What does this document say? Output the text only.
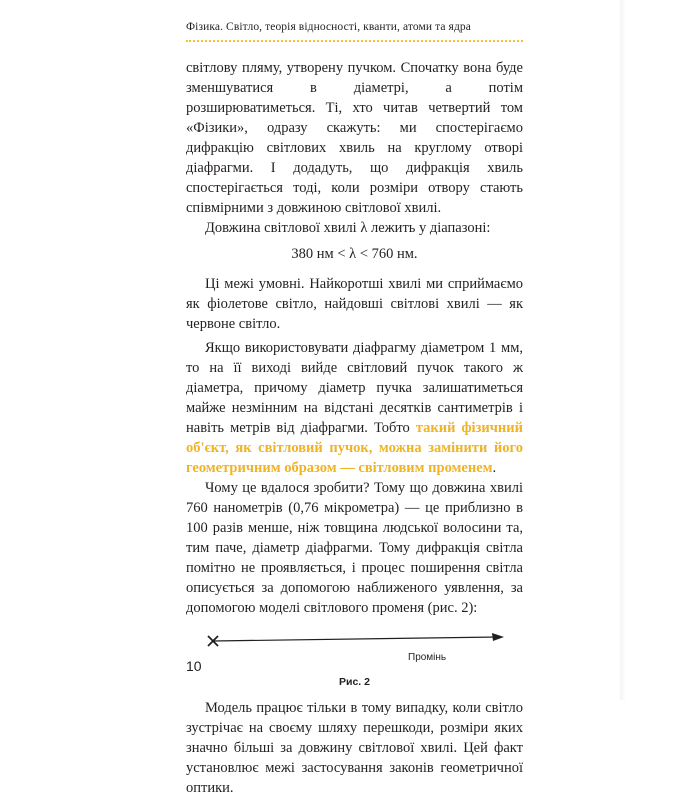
Фізика. Світло, теорія відносності, кванти, атоми та ядра

світлову пляму, утворену пучком. Спочатку вона буде зменшуватися в діаметрі, а потім розширюватиметься. Ті, хто читав четвертий том «Фізики», одразу скажуть: ми спостерігаємо дифракцію світлових хвиль на круглому отворі діафрагми. І додадуть, що дифракція хвиль спостерігається тоді, коли розміри отвору стають співмірними з довжиною світлової хвилі.

Довжина світлової хвилі λ лежить у діапазоні:

380 нм < λ < 760 нм.

Ці межі умовні. Найкоротші хвилі ми сприймаємо як фіолетове світло, найдовші світлові хвилі — як червоне світло.

Якщо використовувати діафрагму діаметром 1 мм, то на її виході вийде світловий пучок такого ж діаметра, причому діаметр пучка залишатиметься майже незмінним на відстані десятків сантиметрів і навіть метрів від діафрагми. Тобто такий фізичний об'єкт, як світловий пучок, можна замінити його геометричним образом — світловим променем.

Чому це вдалося зробити? Тому що довжина хвилі 760 нанометрів (0,76 мікрометра) — це приблизно в 100 разів менше, ніж товщина людської волосини та, тим паче, діаметр діафрагми. Тому дифракція світла помітно не проявляється, і процес поширення світла описується за допомогою наближеного уявлення, за допомогою моделі світлового променя (рис. 2):

Промінь
Рис. 2

Модель працює тільки в тому випадку, коли світло зустрічає на своєму шляху перешкоди, розміри яких значно більші за довжину світлової хвилі. Цей факт установлює межі застосування законів геометричної оптики.

10
